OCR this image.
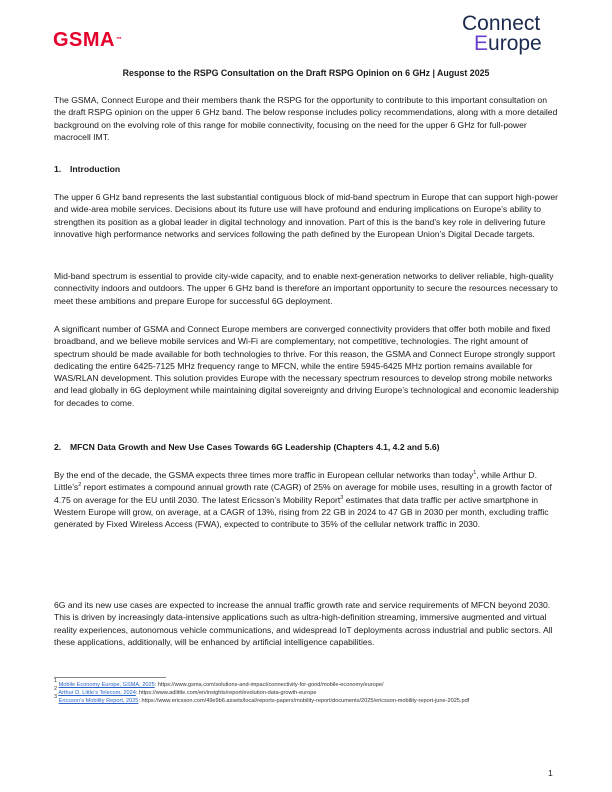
GSMA™
Connect
Europe
Response to the RSPG Consultation on the Draft RSPG Opinion on 6 GHz | August 2025

The GSMA, Connect Europe and their members thank the RSPG for the opportunity to contribute to this important consultation on the draft RSPG opinion on the upper 6 GHz band. The below response includes policy recommendations, along with a more detailed background on the evolving role of this range for mobile connectivity, focusing on the need for the upper 6 GHz for full-power macrocell IMT.

1. Introduction

The upper 6 GHz band represents the last substantial contiguous block of mid-band spectrum in Europe that can support high-power and wide-area mobile services. Decisions about its future use will have profound and enduring implications on Europe’s ability to strengthen its position as a global leader in digital technology and innovation. Part of this is the band’s key role in delivering future innovative high performance networks and services following the path defined by the European Union’s Digital Decade targets.

Mid-band spectrum is essential to provide city-wide capacity, and to enable next-generation networks to deliver reliable, high-quality connectivity indoors and outdoors. The upper 6 GHz band is therefore an important opportunity to secure the resources necessary to meet these ambitions and prepare Europe for successful 6G deployment.

A significant number of GSMA and Connect Europe members are converged connectivity providers that offer both mobile and fixed broadband, and we believe mobile services and Wi-Fi are complementary, not competitive, technologies. The right amount of spectrum should be made available for both technologies to thrive. For this reason, the GSMA and Connect Europe strongly support dedicating the entire 6425-7125 MHz frequency range to MFCN, while the entire 5945-6425 MHz portion remains available for WAS/RLAN development. This solution provides Europe with the necessary spectrum resources to develop strong mobile networks and lead globally in 6G deployment while maintaining digital sovereignty and driving Europe’s technological and economic leadership for decades to come.

2. MFCN Data Growth and New Use Cases Towards 6G Leadership (Chapters 4.1, 4.2 and 5.6)

By the end of the decade, the GSMA expects three times more traffic in European cellular networks than today$^1$, while Arthur D. $Little’s^2$ report estimates a compound annual growth rate (CAGR) of 25% on average for mobile uses, resulting in a growth factor of 4.75 on average for the EU until 2030. The latest Ericsson’s Mobility Report$^3$ estimates that data traffic per active smartphone in Western Europe will grow, on average, at a CAGR of 13%, rising from 22 GB in 2024 to 47 GB in 2030 per month, excluding traffic generated by Fixed Wireless Access (FWA), expected to contribute to 35% of the cellular network traffic in 2030.

6G and its new use cases are expected to increase the annual traffic growth rate and service requirements of MFCN beyond 2030. This is driven by increasingly data-intensive applications such as ultra-high-definition streaming, immersive augmented and virtual reality experiences, autonomous vehicle communications, and widespread IoT deployments across industrial and public sectors. All these applications, additionally, will be enhanced by artificial intelligence capabilities.

$^1$ Mobile Economy Europe, GSMA, 2025: https://www.gsma.com/solutions-and-impact/connectivity-for-good/mobile-economy/europe/

$^2$ Arthur D. Little’s Telecom, 2024: https://www.adlittle.com/en/insights/report/evolution-data-growth-europe

$^3$ Ericsson’s Mobility Report, 2025: https://www.ericsson.com/49e9b6.assets/local/reports-papers/mobility-report/documents/2025/ericsson-mobility-report-june-2025.pdf

1
